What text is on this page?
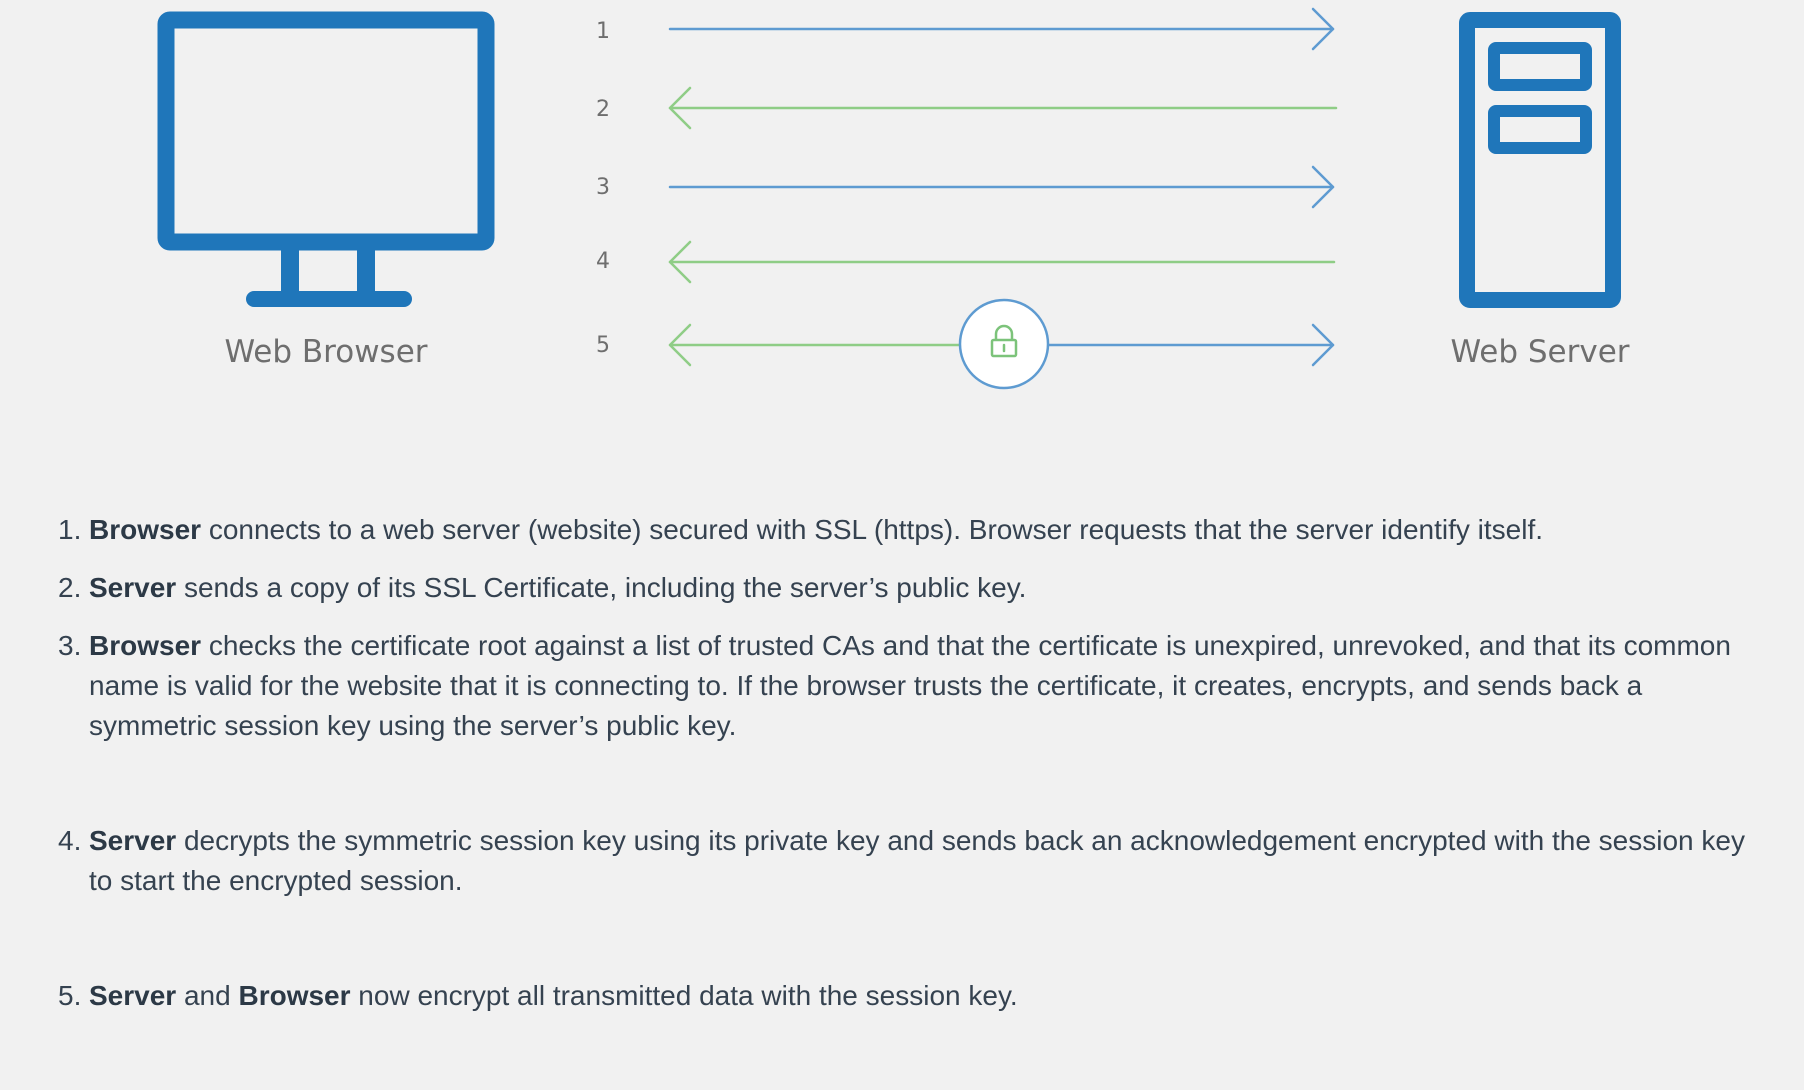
Web Browser	Web Server
1
2
3
4
5
1. Browser connects to a web server (website) secured with SSL (https). Browser requests that the server identify itself.
2. Server sends a copy of its SSL Certificate, including the server’s public key.
3. Browser checks the certificate root against a list of trusted CAs and that the certificate is unexpired, unrevoked, and that its common name is valid for the website that it is connecting to. If the browser trusts the certificate, it creates, encrypts, and sends back a symmetric session key using the server’s public key.
4. Server decrypts the symmetric session key using its private key and sends back an acknowledgement encrypted with the session key to start the encrypted session.
5. Server and Browser now encrypt all transmitted data with the session key.
